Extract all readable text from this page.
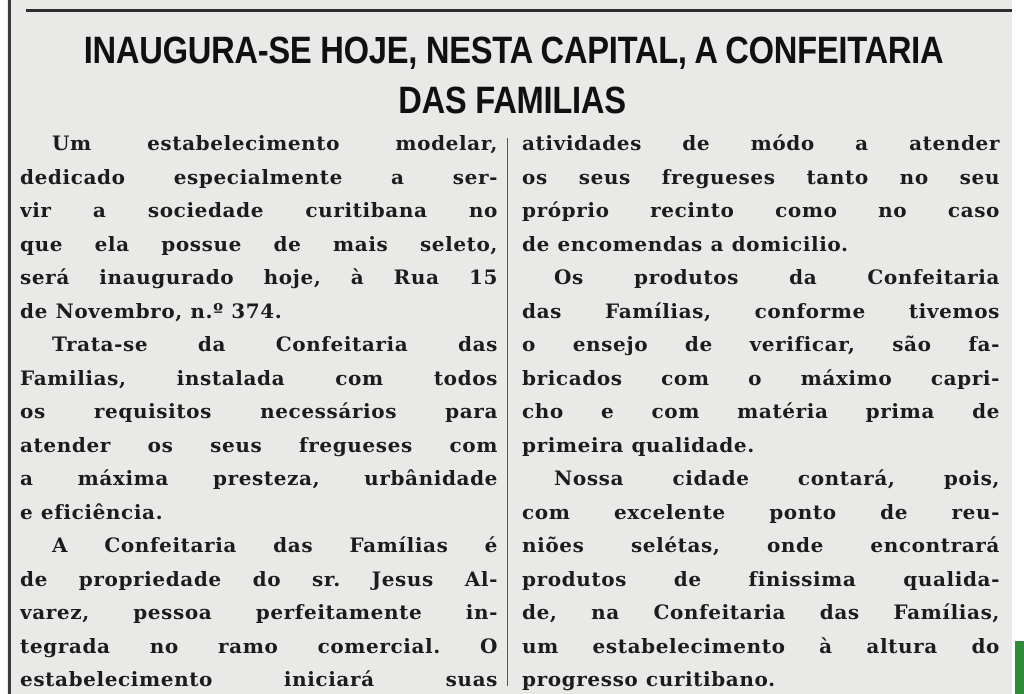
INAUGURA-SE HOJE, NESTA CAPITAL, A CONFEITARIA
DAS FAMILIAS
Um estabelecimento modelar,
dedicado especialmente a ser-
vir a sociedade curitibana no
que ela possue de mais seleto,
será inaugurado hoje, à Rua 15
de Novembro, n.º 374.
Trata-se da Confeitaria das
Familias, instalada com todos
os requisitos necessários para
atender os seus fregueses com
a máxima presteza, urbânidade
e eficiência.
A Confeitaria das Famílias é
de propriedade do sr. Jesus Al-
varez, pessoa perfeitamente in-
tegrada no ramo comercial. O
estabelecimento iniciará suas
atividades de módo a atender
os seus fregueses tanto no seu
próprio recinto como no caso
de encomendas a domicilio.
Os produtos da Confeitaria
das Famílias, conforme tivemos
o ensejo de verificar, são fa-
bricados com o máximo capri-
cho e com matéria prima de
primeira qualidade.
Nossa cidade contará, pois,
com excelente ponto de reu-
niões selétas, onde encontrará
produtos de finissima qualida-
de, na Confeitaria das Famílias,
um estabelecimento à altura do
progresso curitibano.
